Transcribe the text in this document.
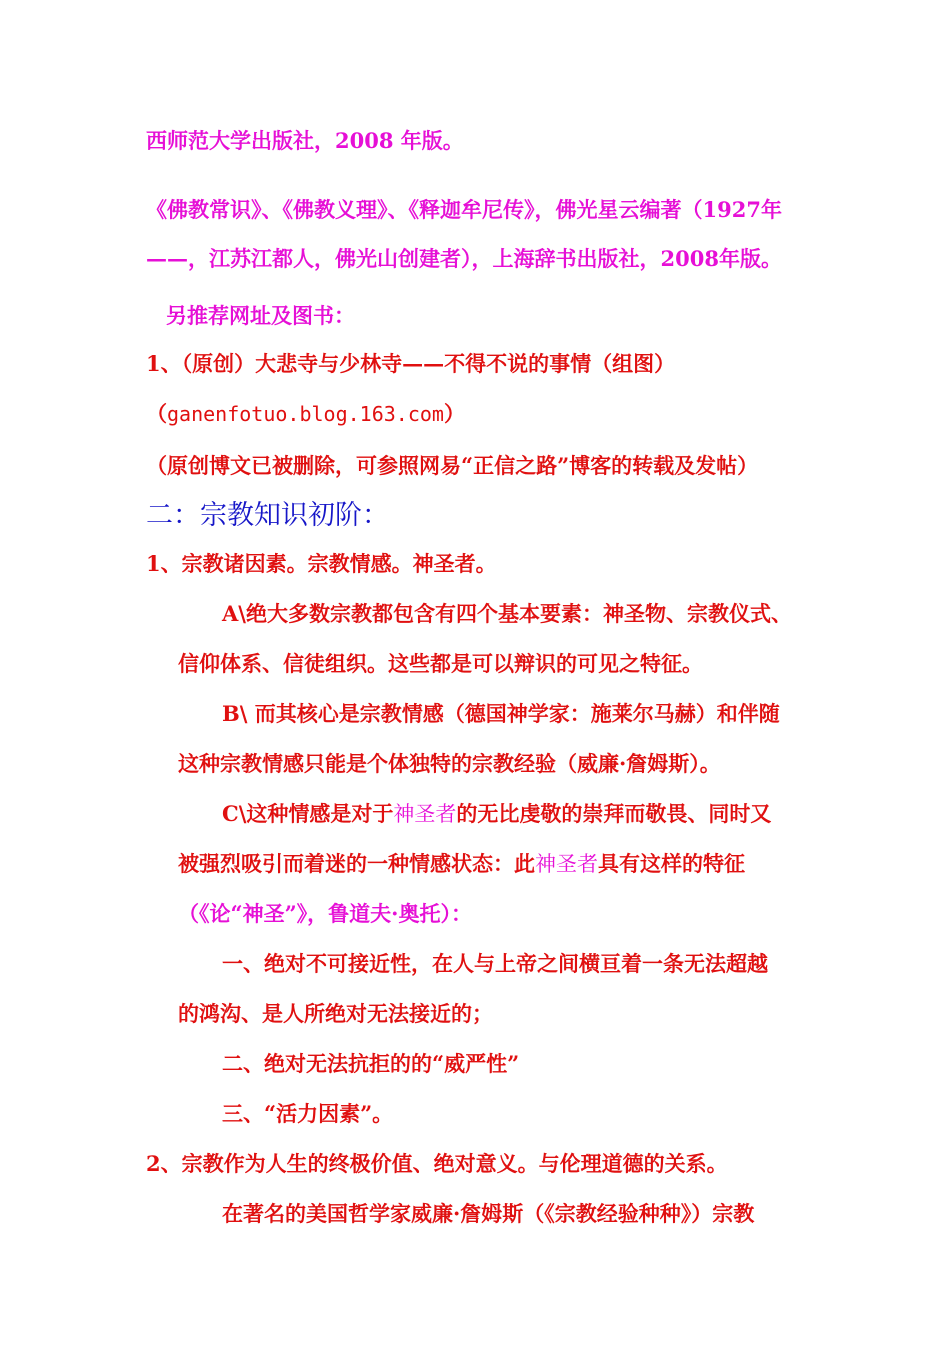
西师范大学出版社，2008 年版。
《佛教常识》、《佛教义理》、《释迦牟尼传》，佛光星云编著（1927年
——，江苏江都人，佛光山创建者），上海辞书出版社，2008年版。
另推荐网址及图书：
1、（原创）大悲寺与少林寺——不得不说的事情（组图）
（ganenfotuo.blog.163.com）
（原创博文已被删除，可参照网易“正信之路”博客的转载及发帖）
二：宗教知识初阶：
1、宗教诸因素。宗教情感。神圣者。
A\绝大多数宗教都包含有四个基本要素：神圣物、宗教仪式、
信仰体系、信徒组织。这些都是可以辩识的可见之特征。
B\ 而其核心是宗教情感（德国神学家：施莱尔马赫）和伴随
这种宗教情感只能是个体独特的宗教经验（威廉·詹姆斯）。
C\这种情感是对于神圣者的无比虔敬的崇拜而敬畏、同时又
被强烈吸引而着迷的一种情感状态：此神圣者具有这样的特征
（《论“神圣”》，鲁道夫·奥托）：
一、绝对不可接近性，在人与上帝之间横亘着一条无法超越
的鸿沟、是人所绝对无法接近的；
二、绝对无法抗拒的的“威严性”
三、“活力因素”。
2、宗教作为人生的终极价值、绝对意义。与伦理道德的关系。
在著名的美国哲学家威廉·詹姆斯（《宗教经验种种》）宗教
